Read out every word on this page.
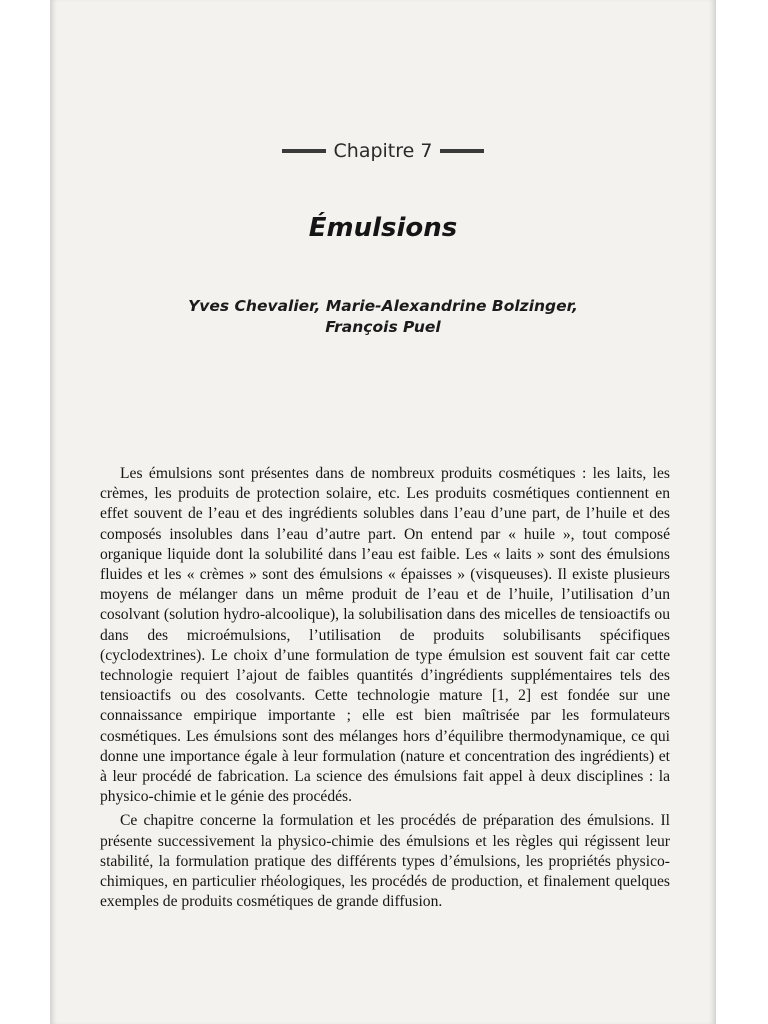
Chapitre 7
Émulsions
Yves Chevalier, Marie-Alexandrine Bolzinger,
François Puel

Les émulsions sont présentes dans de nombreux produits cosmétiques : les laits, les crèmes, les produits de protection solaire, etc. Les produits cosmétiques contiennent en effet souvent de l’eau et des ingrédients solubles dans l’eau d’une part, de l’huile et des composés insolubles dans l’eau d’autre part. On entend par « huile », tout composé organique liquide dont la solubilité dans l’eau est faible. Les « laits » sont des émulsions fluides et les « crèmes » sont des émulsions « épaisses » (visqueuses). Il existe plusieurs moyens de mélanger dans un même produit de l’eau et de l’huile, l’utilisation d’un cosolvant (solution hydro-alcoolique), la solubilisation dans des micelles de tensioactifs ou dans des microémulsions, l’utilisation de produits solubilisants spécifiques (cyclodextrines). Le choix d’une formulation de type émulsion est souvent fait car cette technologie requiert l’ajout de faibles quantités d’ingrédients supplémentaires tels des tensioactifs ou des cosolvants. Cette technologie mature [1, 2] est fondée sur une connaissance empirique importante ; elle est bien maîtrisée par les formulateurs cosmétiques. Les émulsions sont des mélanges hors d’équilibre thermodynamique, ce qui donne une importance égale à leur formulation (nature et concentration des ingrédients) et à leur procédé de fabrication. La science des émulsions fait appel à deux disciplines : la physico-chimie et le génie des procédés.

Ce chapitre concerne la formulation et les procédés de préparation des émulsions. Il présente successivement la physico-chimie des émulsions et les règles qui régissent leur stabilité, la formulation pratique des différents types d’émulsions, les propriétés physico-chimiques, en particulier rhéologiques, les procédés de production, et finalement quelques exemples de produits cosmétiques de grande diffusion.
